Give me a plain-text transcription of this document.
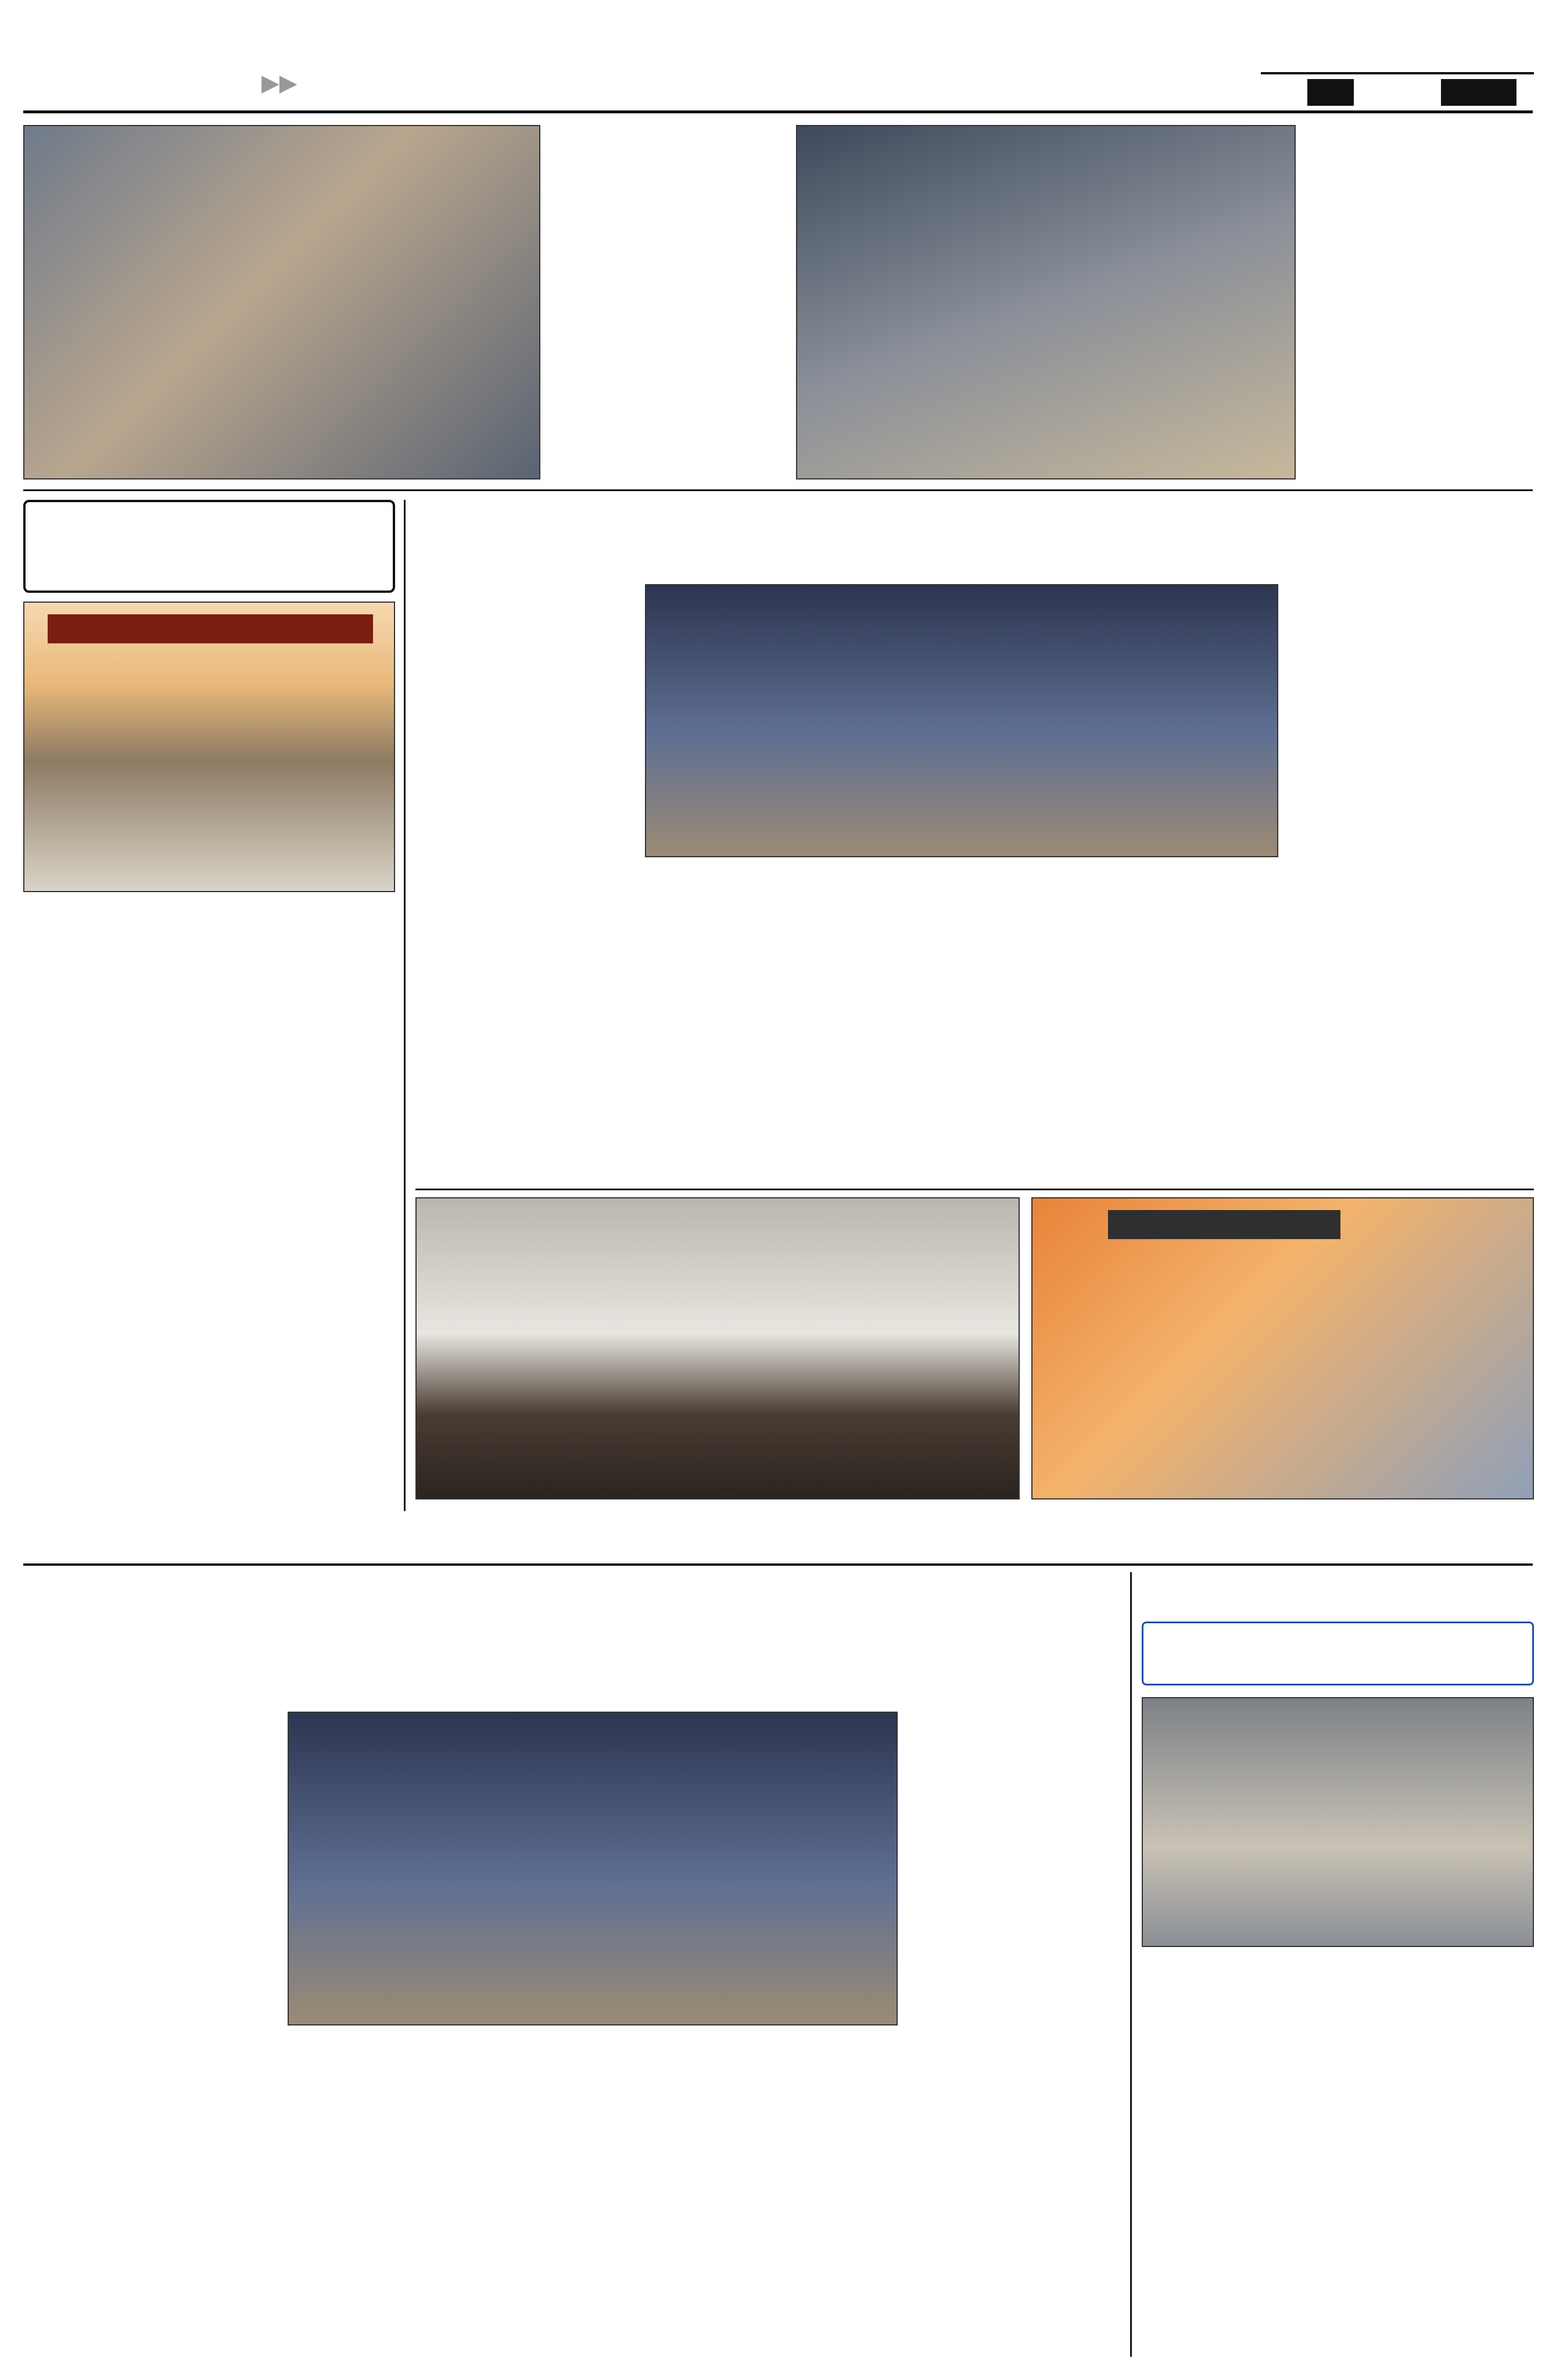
▶▶
